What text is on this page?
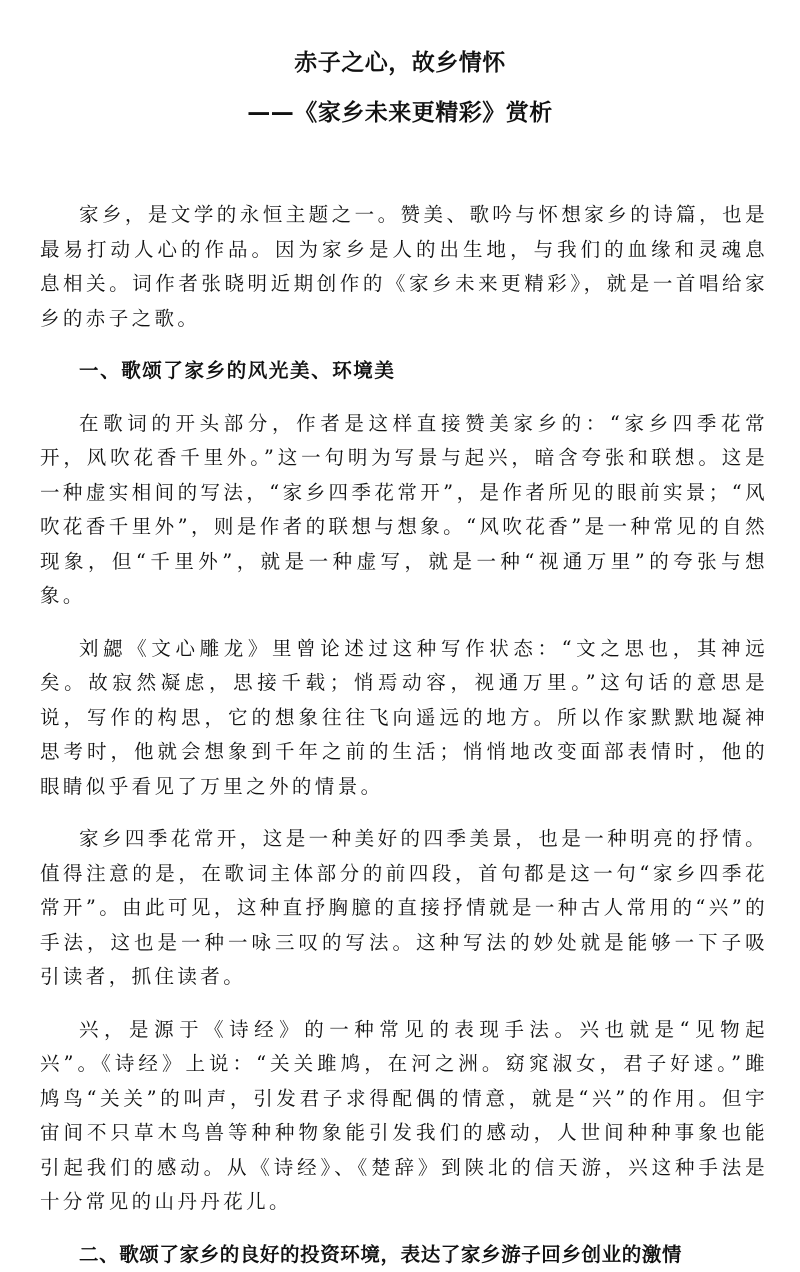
赤子之心，故乡情怀
——《家乡未来更精彩》赏析

家乡，是文学的永恒主题之一。赞美、歌吟与怀想家乡的诗篇，也是最易打动人心的作品。因为家乡是人的出生地，与我们的血缘和灵魂息息相关。词作者张晓明近期创作的《家乡未来更精彩》，就是一首唱给家乡的赤子之歌。

一、歌颂了家乡的风光美、环境美

在歌词的开头部分，作者是这样直接赞美家乡的：“家乡四季花常开，风吹花香千里外。”这一句明为写景与起兴，暗含夸张和联想。这是一种虚实相间的写法，“家乡四季花常开”，是作者所见的眼前实景；“风吹花香千里外”，则是作者的联想与想象。“风吹花香”是一种常见的自然现象，但“千里外”，就是一种虚写，就是一种“视通万里”的夸张与想象。

刘勰《文心雕龙》里曾论述过这种写作状态：“文之思也，其神远矣。故寂然凝虑，思接千载；悄焉动容，视通万里。”这句话的意思是说，写作的构思，它的想象往往飞向遥远的地方。所以作家默默地凝神思考时，他就会想象到千年之前的生活；悄悄地改变面部表情时，他的眼睛似乎看见了万里之外的情景。

家乡四季花常开，这是一种美好的四季美景，也是一种明亮的抒情。值得注意的是，在歌词主体部分的前四段，首句都是这一句“家乡四季花常开”。由此可见，这种直抒胸臆的直接抒情就是一种古人常用的“兴”的手法，这也是一种一咏三叹的写法。这种写法的妙处就是能够一下子吸引读者，抓住读者。

兴，是源于《诗经》的一种常见的表现手法。兴也就是“见物起兴”。《诗经》上说：“关关雎鸠，在河之洲。窈窕淑女，君子好逑。”雎鸠鸟“关关”的叫声，引发君子求得配偶的情意，就是“兴”的作用。但宇宙间不只草木鸟兽等种种物象能引发我们的感动，人世间种种事象也能引起我们的感动。从《诗经》、《楚辞》到陕北的信天游，兴这种手法是十分常见的山丹丹花儿。

二、歌颂了家乡的良好的投资环境，表达了家乡游子回乡创业的激情
